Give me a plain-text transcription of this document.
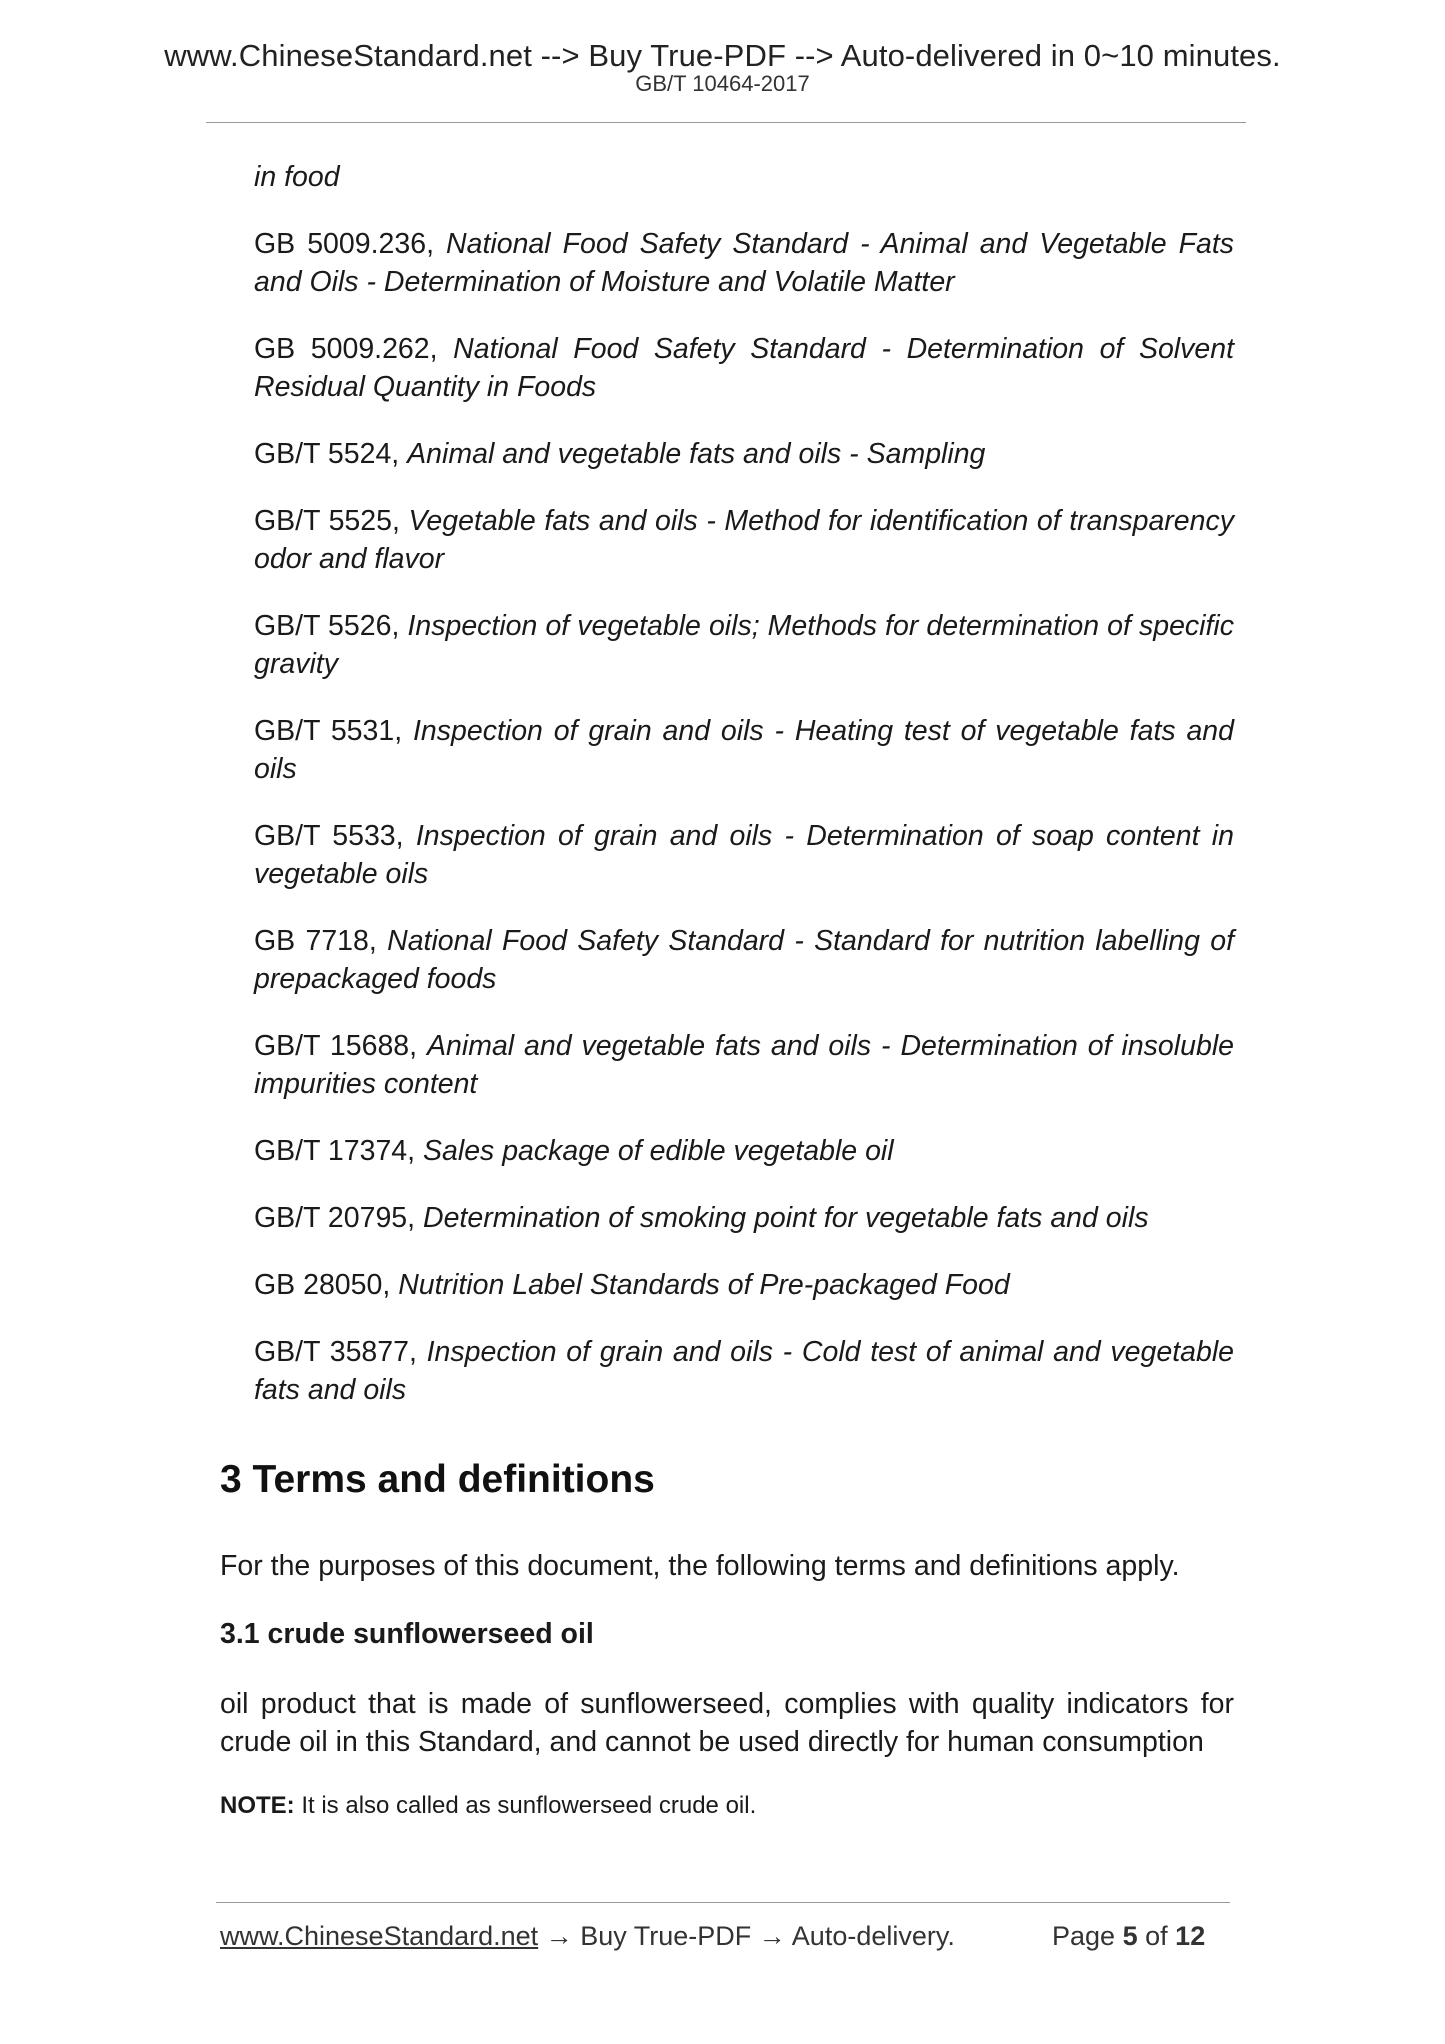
www.ChineseStandard.net --> Buy True-PDF --> Auto-delivered in 0~10 minutes.
GB/T 10464-2017

in food

GB 5009.236, National Food Safety Standard - Animal and Vegetable Fats and Oils - Determination of Moisture and Volatile Matter

GB 5009.262, National Food Safety Standard - Determination of Solvent Residual Quantity in Foods

GB/T 5524, Animal and vegetable fats and oils - Sampling

GB/T 5525, Vegetable fats and oils - Method for identification of transparency odor and flavor

GB/T 5526, Inspection of vegetable oils; Methods for determination of specific gravity

GB/T 5531, Inspection of grain and oils - Heating test of vegetable fats and oils

GB/T 5533, Inspection of grain and oils - Determination of soap content in vegetable oils

GB 7718, National Food Safety Standard - Standard for nutrition labelling of prepackaged foods

GB/T 15688, Animal and vegetable fats and oils - Determination of insoluble impurities content

GB/T 17374, Sales package of edible vegetable oil

GB/T 20795, Determination of smoking point for vegetable fats and oils

GB 28050, Nutrition Label Standards of Pre-packaged Food

GB/T 35877, Inspection of grain and oils - Cold test of animal and vegetable fats and oils

3 Terms and definitions
For the purposes of this document, the following terms and definitions apply.
3.1 crude sunflowerseed oil
oil product that is made of sunflowerseed, complies with quality indicators for crude oil in this Standard, and cannot be used directly for human consumption
NOTE: It is also called as sunflowerseed crude oil.
www.ChineseStandard.net → Buy True-PDF → Auto-delivery.	Page 5 of 12
